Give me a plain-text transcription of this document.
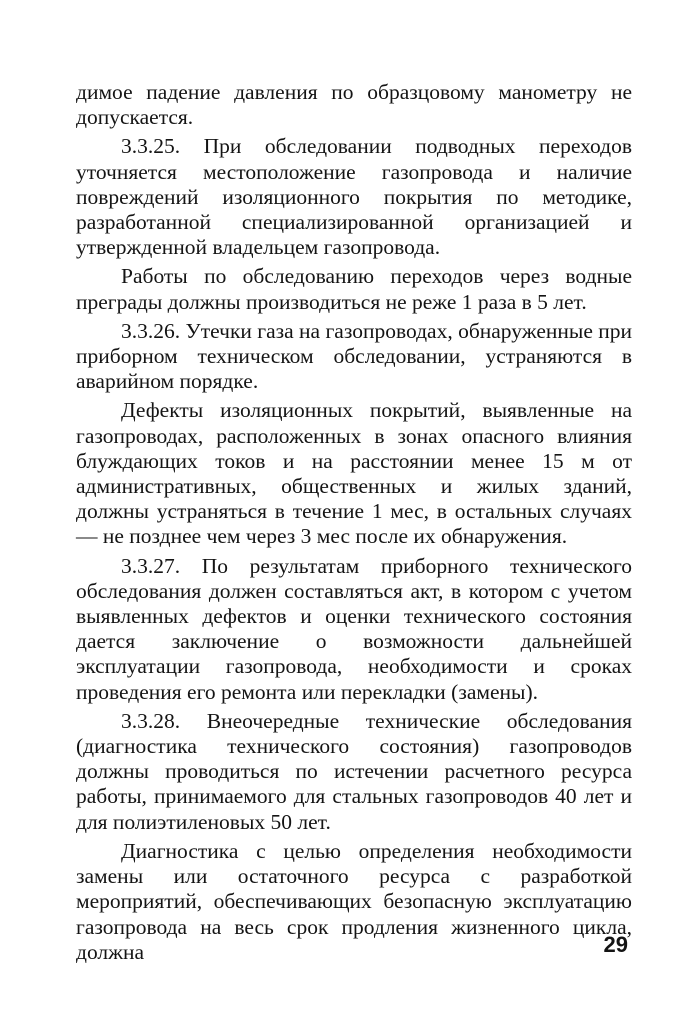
димое падение давления по образцовому манометру не допускается.

3.3.25. При обследовании подводных переходов уточняется местоположение газопровода и наличие повреждений изоляционного покрытия по методике, разработанной специализированной организацией и утвержденной владельцем газопровода.

Работы по обследованию переходов через водные преграды должны производиться не реже 1 раза в 5 лет.

3.3.26. Утечки газа на газопроводах, обнаруженные при приборном техническом обследовании, устраняются в аварийном порядке.

Дефекты изоляционных покрытий, выявленные на газопроводах, расположенных в зонах опасного влияния блуждающих токов и на расстоянии менее 15 м от административных, общественных и жилых зданий, должны устраняться в течение 1 мес, в остальных случаях — не позднее чем через 3 мес после их обнаружения.

3.3.27. По результатам приборного технического обследования должен составляться акт, в котором с учетом выявленных дефектов и оценки технического состояния дается заключение о возможности дальнейшей эксплуатации газопровода, необходимости и сроках проведения его ремонта или перекладки (замены).

3.3.28. Внеочередные технические обследования (диагностика технического состояния) газопроводов должны проводиться по истечении расчетного ресурса работы, принимаемого для стальных газопроводов 40 лет и для полиэтиленовых 50 лет.

Диагностика с целью определения необходимости замены или остаточного ресурса с разработкой мероприятий, обеспечивающих безопасную эксплуатацию газопровода на весь срок продления жизненного цикла, должна	29
